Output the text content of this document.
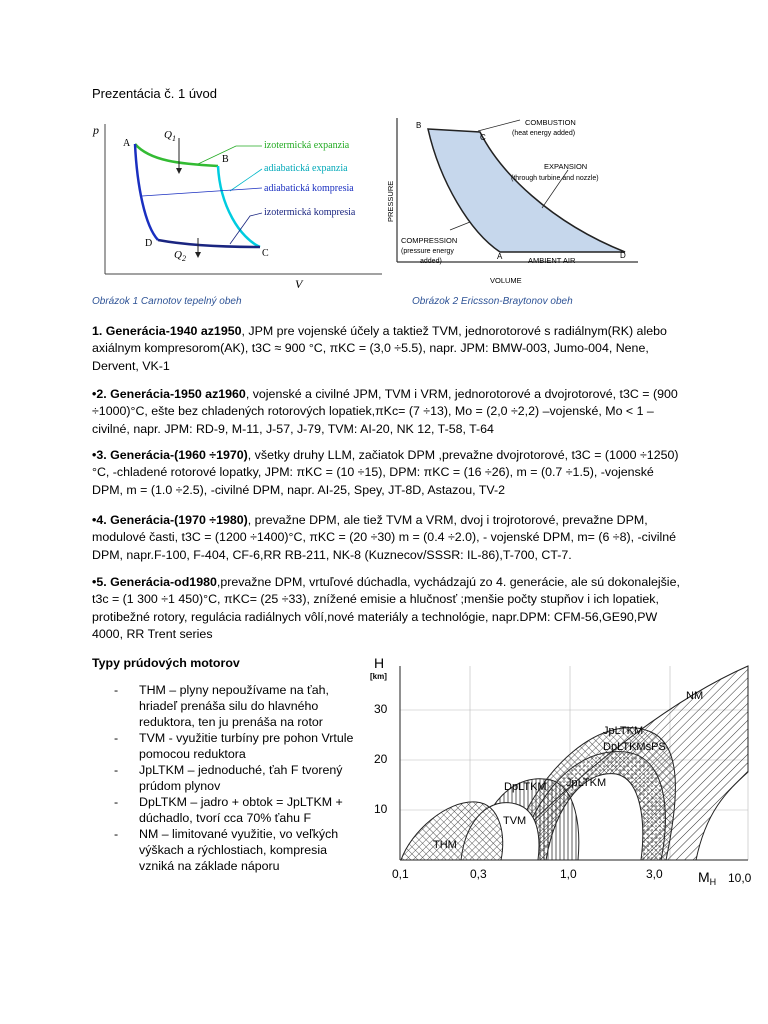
Prezentácia č. 1 úvod
p
V
A
B
C
D
$Q_1$
$Q_2$
izotermická expanzia
adiabatická expanzia
adiabatická kompresia
izotermická kompresia
Obrázok 1 Carnotov tepelný obeh
B
C
D
A
COMBUSTION
(heat energy added)
EXPANSION
(through turbine and nozzle)
COMPRESSION
(pressure energy
added)	AMBIENT AIR
PRESSURE
VOLUME
Obrázok 2 Ericsson-Braytonov obeh

1. Generácia-1940 az1950, JPM pre vojenské účely a taktiež TVM, jednorotorové s radiálnym(RK) alebo axiálnym kompresorom(AK), t3C ≈ 900 °C, πKC = (3,0 ÷5.5), napr. JPM: BMW-003, Jumo-004, Nene, Dervent, VK-1

•2. Generácia-1950 az1960, vojenské a civilné JPM, TVM i VRM, jednorotorové a dvojrotorové, t3C = (900 ÷1000)°C, ešte bez chladených rotorových lopatiek,πKc= (7 ÷13), Mo = (2,0 ÷2,2) –vojenské, Mo < 1 –civilné, napr. JPM: RD-9, M-11, J-57, J-79, TVM: AI-20, NK 12, T-58, T-64

•3. Generácia-(1960 ÷1970), všetky druhy LLM, začiatok DPM ,prevažne dvojrotorové, t3C = (1000 ÷1250)°C, -chladené rotorové lopatky, JPM: πKC = (10 ÷15), DPM: πKC = (16 ÷26), m = (0.7 ÷1.5), -vojenské DPM, m = (1.0 ÷2.5), -civilné DPM, napr. AI-25, Spey, JT-8D, Astazou, TV-2

•4. Generácia-(1970 ÷1980), prevažne DPM, ale tiež TVM a VRM, dvoj i trojrotorové, prevažne DPM, modulové časti, t3C = (1200 ÷1400)°C, πKC = (20 ÷30) m = (0.4 ÷2.0), - vojenské DPM, m= (6 ÷8), -civilné DPM, napr.F-100, F-404, CF-6,RR RB-211, NK-8 (Kuznecov/SSSR: IL-86),T-700, CT-7.

•5. Generácia-od1980,prevažne DPM, vrtuľové dúchadla, vychádzajú zo 4. generácie, ale sú dokonalejšie, t3c = (1 300 ÷1 450)°C, πKC= (25 ÷33), znížené emisie a hlučnosť ;menšie počty stupňov i ich lopatiek, protibežné rotory, regulácia radiálnych vôlí,nové materiály a technológie, napr.DPM: CFM-56,GE90,PW 4000, RR Trent series

Typy prúdových motorov
- THM – plyny nepoužívame na ťah, hriadeľ prenáša silu do hlavného reduktora, ten ju prenáša na rotor
- TVM - využitie turbíny pre pohon Vrtule pomocou reduktora
- JpLTKM – jednoduché, ťah F tvorený prúdom plynov
- DpLTKM – jadro + obtok = JpLTKM + dúchadlo, tvorí cca 70% ťahu F
- NM – limitované využitie, vo veľkých výškach a rýchlostiach, kompresia vzniká na základe náporu
NM
JpLTKM
DpLTKMsPS
JpLTKM
DpLTKM
TVM
THM
H
[km]
10
20
30
0,1	0,3	1,0	3,0	$M_H$ 10,0
